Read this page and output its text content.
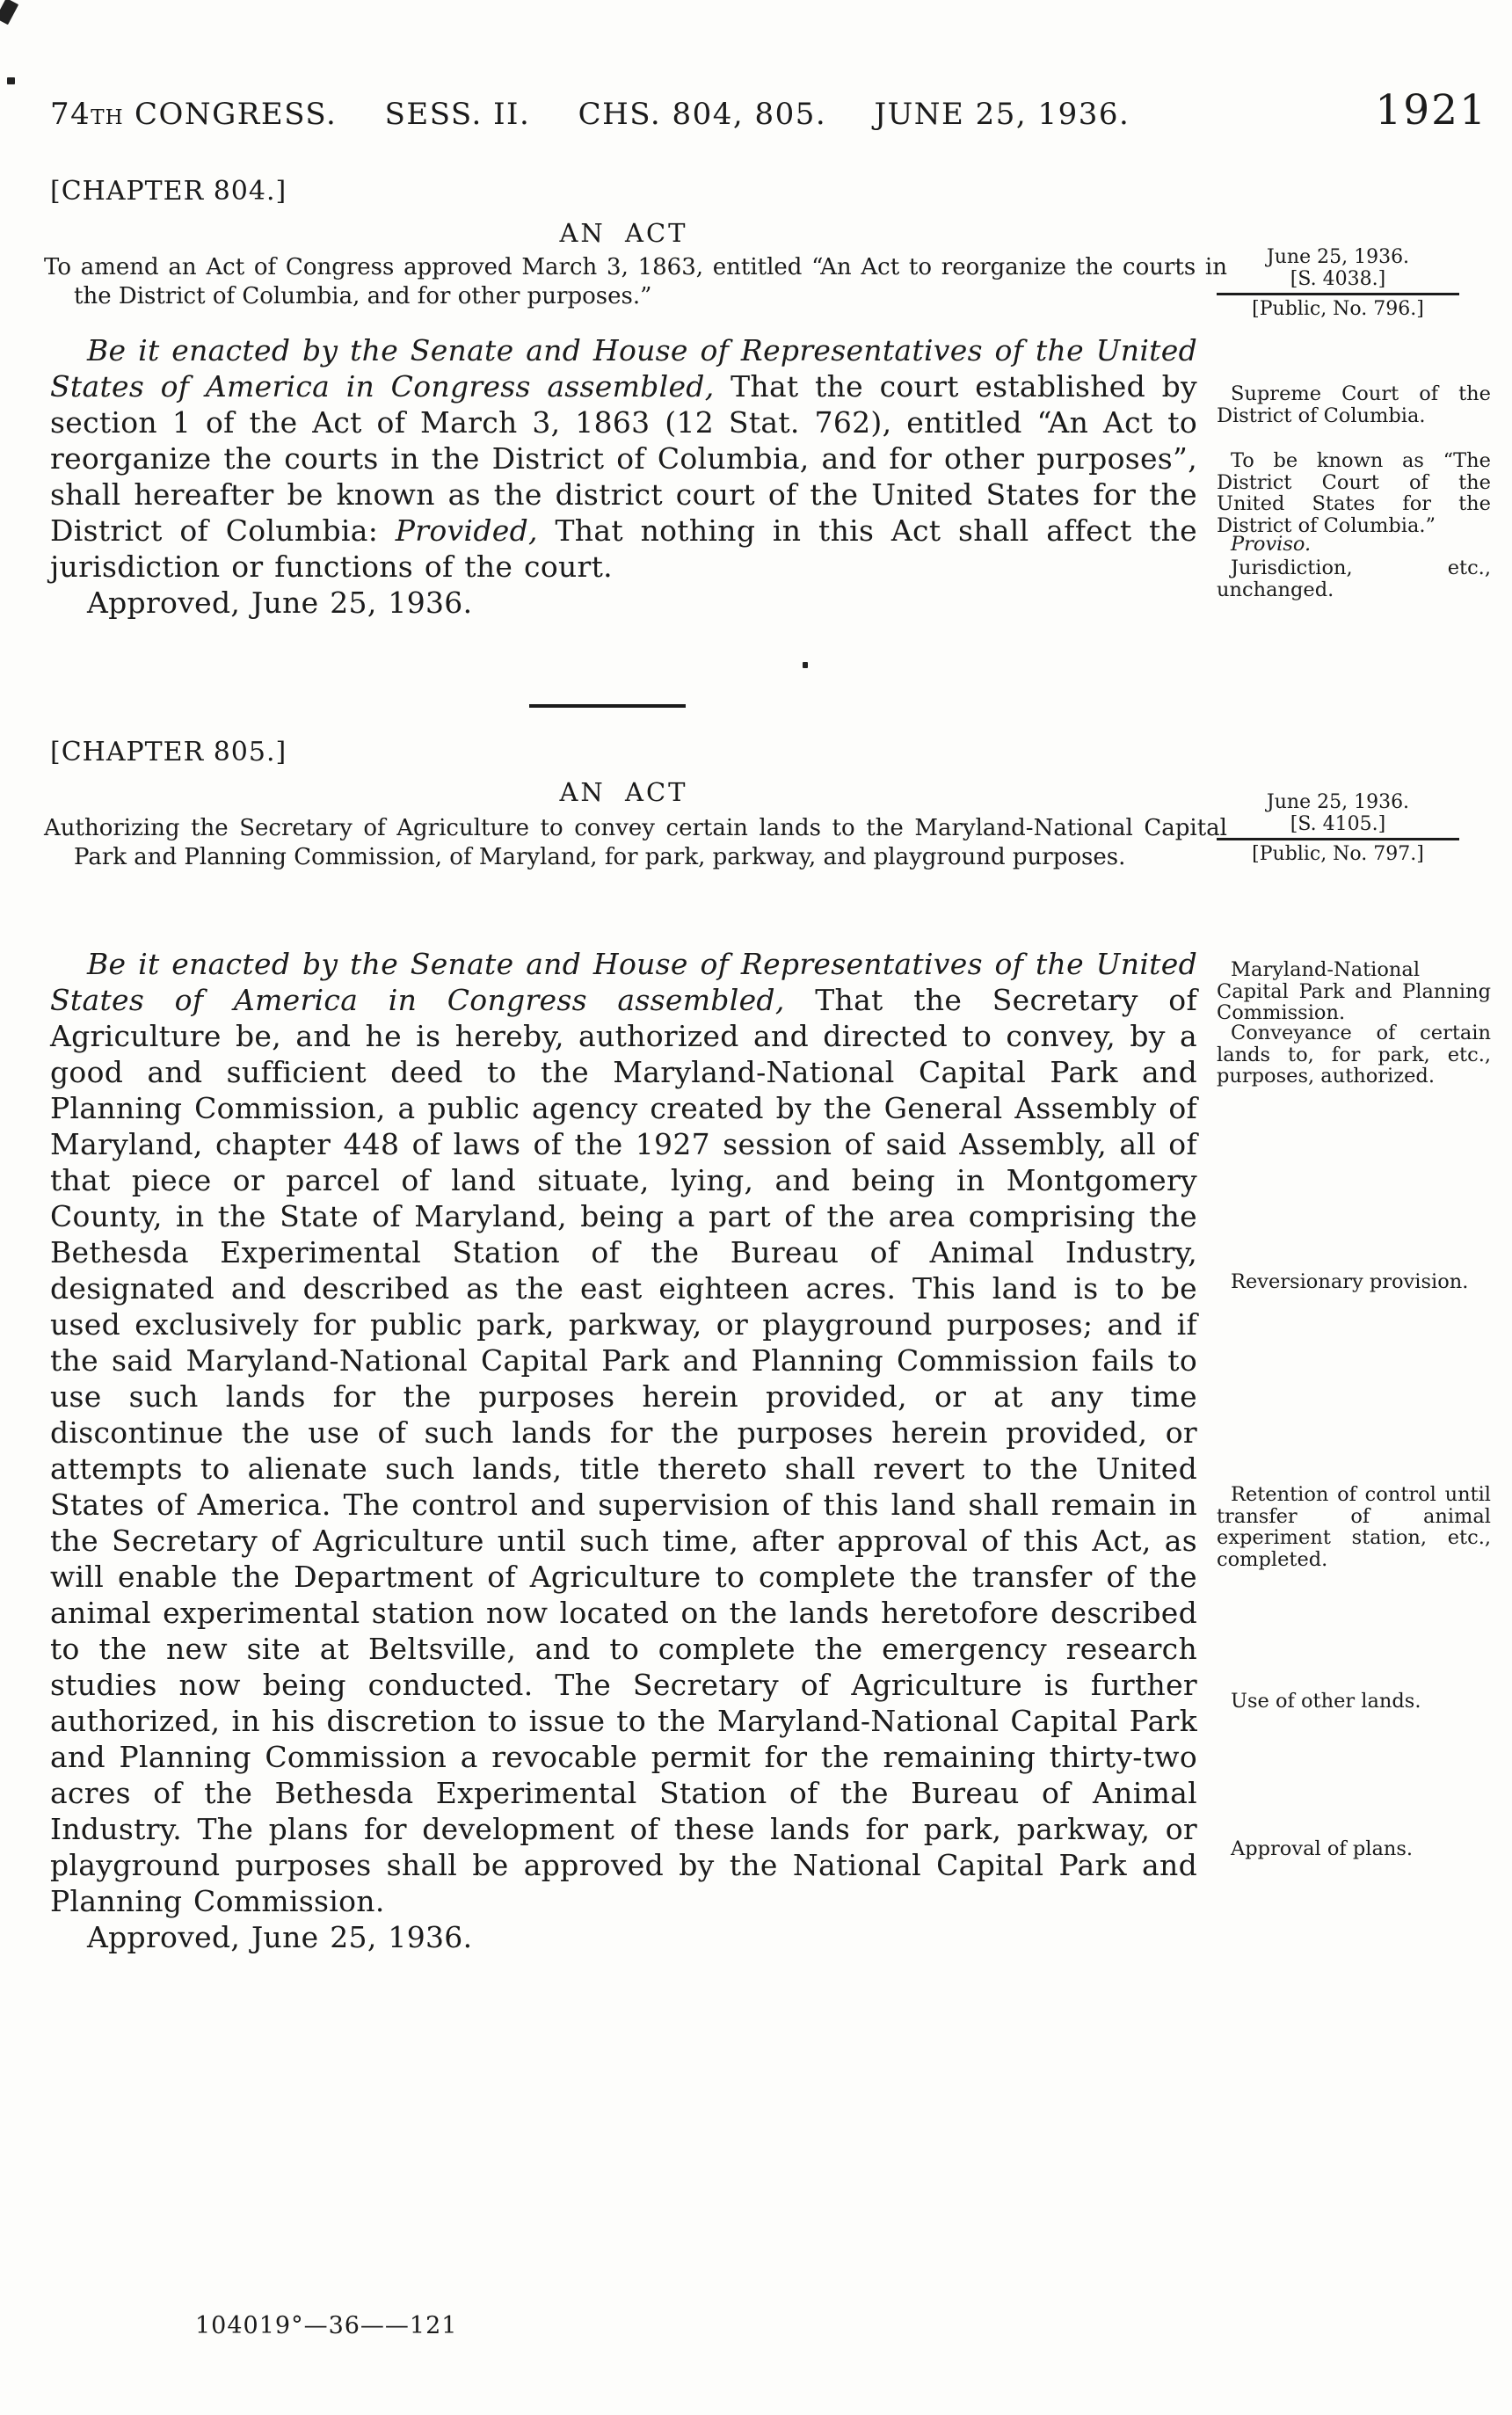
74TH CONGRESS. SESS. II. CHS. 804, 805. JUNE 25, 1936.	1921
[CHAPTER 804.]
AN ACT
To amend an Act of Congress approved March 3, 1863, entitled “An Act to reorganize the courts in the District of Columbia, and for other purposes.”
June 25, 1936.
[S. 4038.]
[Public, No. 796.]

Be it enacted by the Senate and House of Representatives of the United States of America in Congress assembled, That the court established by section 1 of the Act of March 3, 1863 (12 Stat. 762), entitled “An Act to reorganize the courts in the District of Columbia, and for other purposes”, shall hereafter be known as the district court of the United States for the District of Columbia: Provided, That nothing in this Act shall affect the jurisdiction or functions of the court.

Approved, June 25, 1936.

Supreme Court of the District of Columbia.
To be known as “The District Court of the United States for the District of Columbia.”
Proviso.
Jurisdiction, etc., unchanged.
[CHAPTER 805.]
AN ACT
Authorizing the Secretary of Agriculture to convey certain lands to the Maryland-National Capital Park and Planning Commission, of Maryland, for park, parkway, and playground purposes.
June 25, 1936.
[S. 4105.]
[Public, No. 797.]

Be it enacted by the Senate and House of Representatives of the United States of America in Congress assembled, That the Secretary of Agriculture be, and he is hereby, authorized and directed to convey, by a good and sufficient deed to the Maryland-National Capital Park and Planning Commission, a public agency created by the General Assembly of Maryland, chapter 448 of laws of the 1927 session of said Assembly, all of that piece or parcel of land situate, lying, and being in Montgomery County, in the State of Maryland, being a part of the area comprising the Bethesda Experimental Station of the Bureau of Animal Industry, designated and described as the east eighteen acres. This land is to be used exclusively for public park, parkway, or playground purposes; and if the said Maryland-National Capital Park and Planning Commission fails to use such lands for the purposes herein provided, or at any time discontinue the use of such lands for the purposes herein provided, or attempts to alienate such lands, title thereto shall revert to the United States of America. The control and supervision of this land shall remain in the Secretary of Agriculture until such time, after approval of this Act, as will enable the Department of Agriculture to complete the transfer of the animal experimental station now located on the lands heretofore described to the new site at Beltsville, and to complete the emergency research studies now being conducted. The Secretary of Agriculture is further authorized, in his discretion to issue to the Maryland-National Capital Park and Planning Commission a revocable permit for the remaining thirty-two acres of the Bethesda Experimental Station of the Bureau of Animal Industry. The plans for development of these lands for park, parkway, or playground purposes shall be approved by the National Capital Park and Planning Commission.

Approved, June 25, 1936.

Maryland-National Capital Park and Planning Commission.
Conveyance of certain lands to, for park, etc., purposes, authorized.
Reversionary provision.
Retention of control until transfer of animal experiment station, etc., completed.
Use of other lands.
Approval of plans.
104019°—36——121
